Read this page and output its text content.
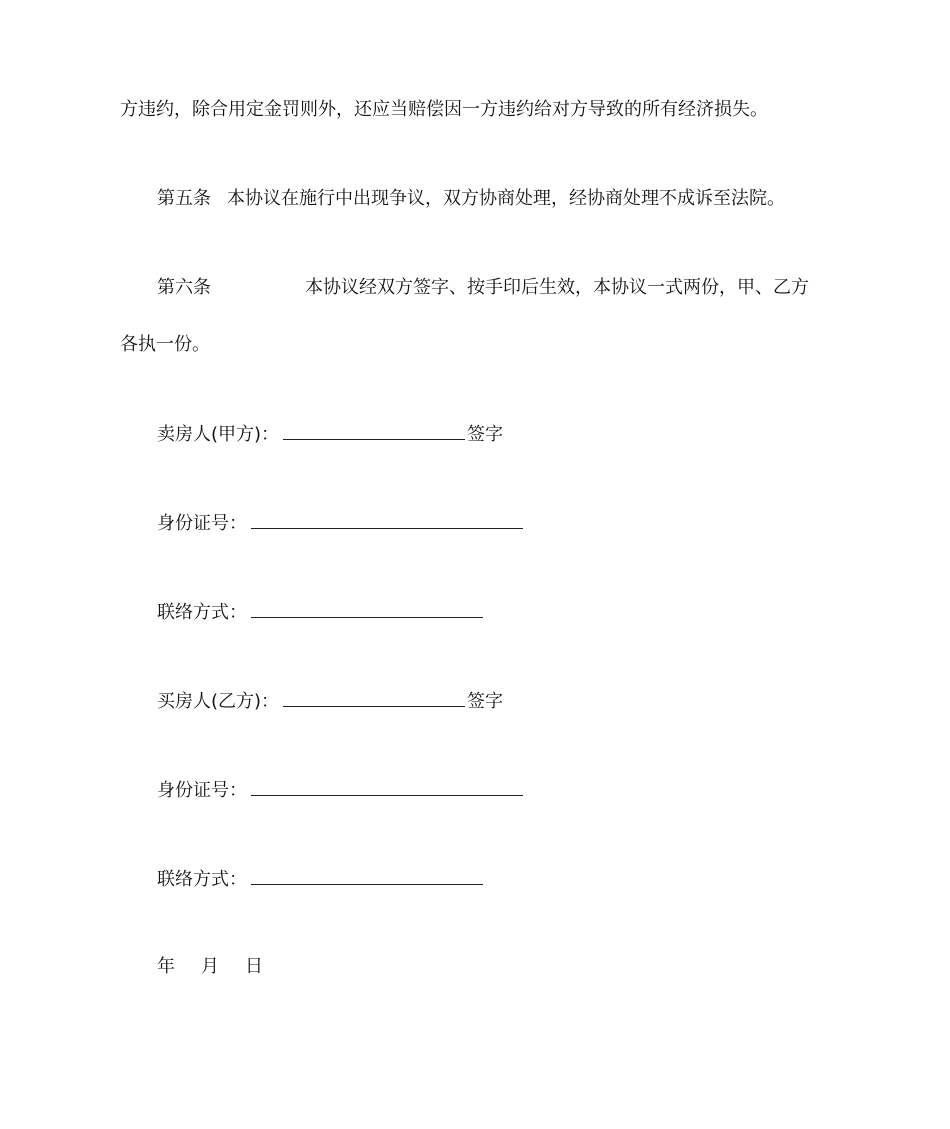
方违约，除合用定金罚则外，还应当赔偿因一方违约给对方导致的所有经济损失。
第五条 本协议在施行中出现争议，双方协商处理，经协商处理不成诉至法院。
第六条	本协议经双方签字、按手印后生效，本协议一式两份，甲、乙方
各执一份。
卖房人(甲方)：	签字
身份证号：
联络方式：
买房人(乙方)：	签字
身份证号：
联络方式：
年 月 日
